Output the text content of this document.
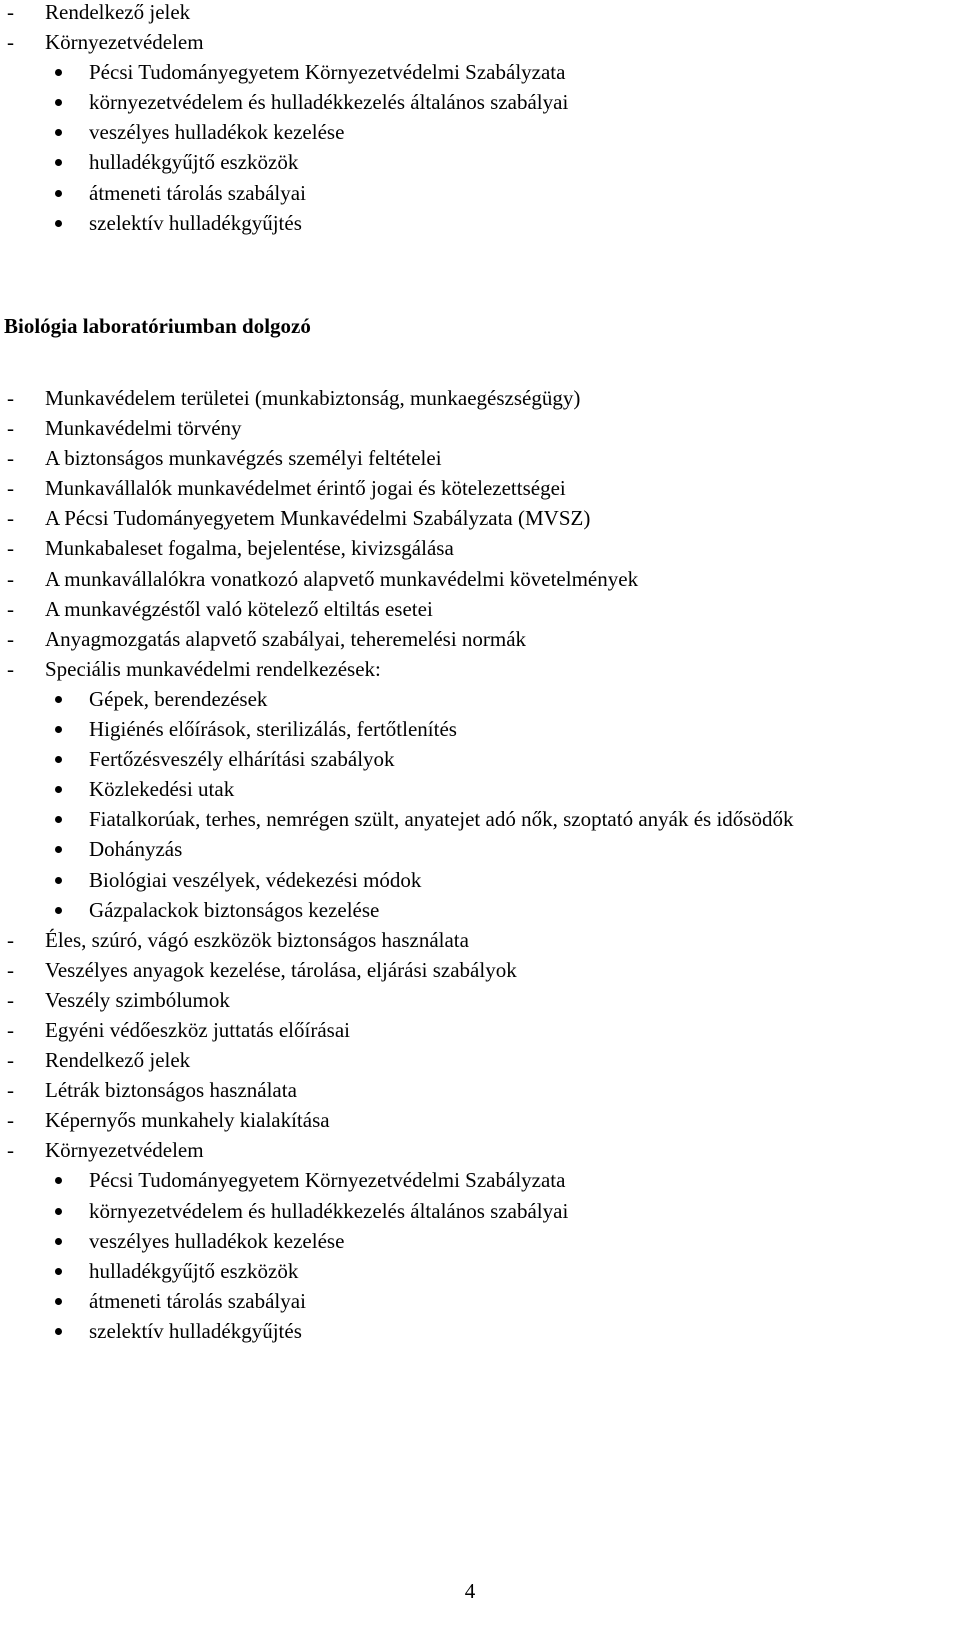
- Rendelkező jelek
- Környezetvédelem
Pécsi Tudományegyetem Környezetvédelmi Szabályzata
környezetvédelem és hulladékkezelés általános szabályai
veszélyes hulladékok kezelése
hulladékgyűjtő eszközök
átmeneti tárolás szabályai
szelektív hulladékgyűjtés
Biológia laboratóriumban dolgozó
- Munkavédelem területei (munkabiztonság, munkaegészségügy)
- Munkavédelmi törvény
- A biztonságos munkavégzés személyi feltételei
- Munkavállalók munkavédelmet érintő jogai és kötelezettségei
- A Pécsi Tudományegyetem Munkavédelmi Szabályzata (MVSZ)
- Munkabaleset fogalma, bejelentése, kivizsgálása
- A munkavállalókra vonatkozó alapvető munkavédelmi követelmények
- A munkavégzéstől való kötelező eltiltás esetei
- Anyagmozgatás alapvető szabályai, teheremelési normák
- Speciális munkavédelmi rendelkezések:
Gépek, berendezések
Higiénés előírások, sterilizálás, fertőtlenítés
Fertőzésveszély elhárítási szabályok
Közlekedési utak
Fiatalkorúak, terhes, nemrégen szült, anyatejet adó nők, szoptató anyák és idősödők
Dohányzás
Biológiai veszélyek, védekezési módok
Gázpalackok biztonságos kezelése
- Éles, szúró, vágó eszközök biztonságos használata
- Veszélyes anyagok kezelése, tárolása, eljárási szabályok
- Veszély szimbólumok
- Egyéni védőeszköz juttatás előírásai
- Rendelkező jelek
- Létrák biztonságos használata
- Képernyős munkahely kialakítása
- Környezetvédelem
Pécsi Tudományegyetem Környezetvédelmi Szabályzata
környezetvédelem és hulladékkezelés általános szabályai
veszélyes hulladékok kezelése
hulladékgyűjtő eszközök
átmeneti tárolás szabályai
szelektív hulladékgyűjtés
4
